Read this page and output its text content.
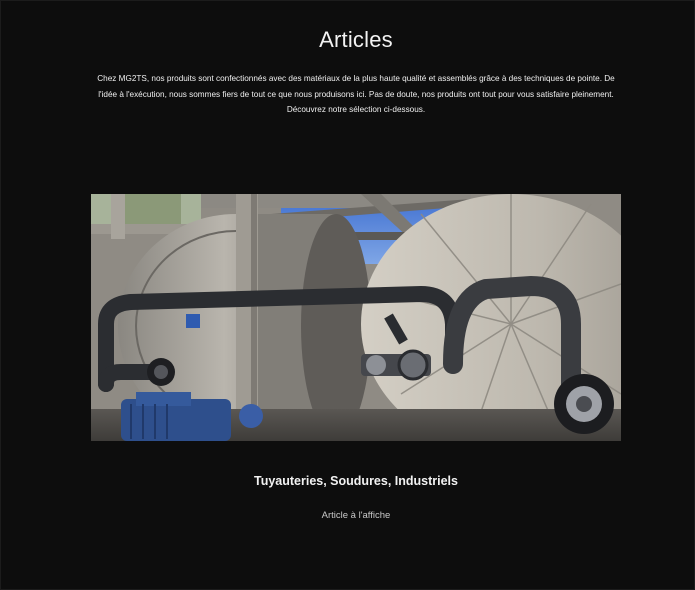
Articles

Chez MG2TS, nos produits sont confectionnés avec des matériaux de la plus haute qualité et assemblés grâce à des techniques de pointe. De l'idée à l'exécution, nous sommes fiers de tout ce que nous produisons ici. Pas de doute, nos produits ont tout pour vous satisfaire pleinement. Découvrez notre sélection ci-dessous.

Tuyauteries, Soudures, Industriels
Article à l'affiche
